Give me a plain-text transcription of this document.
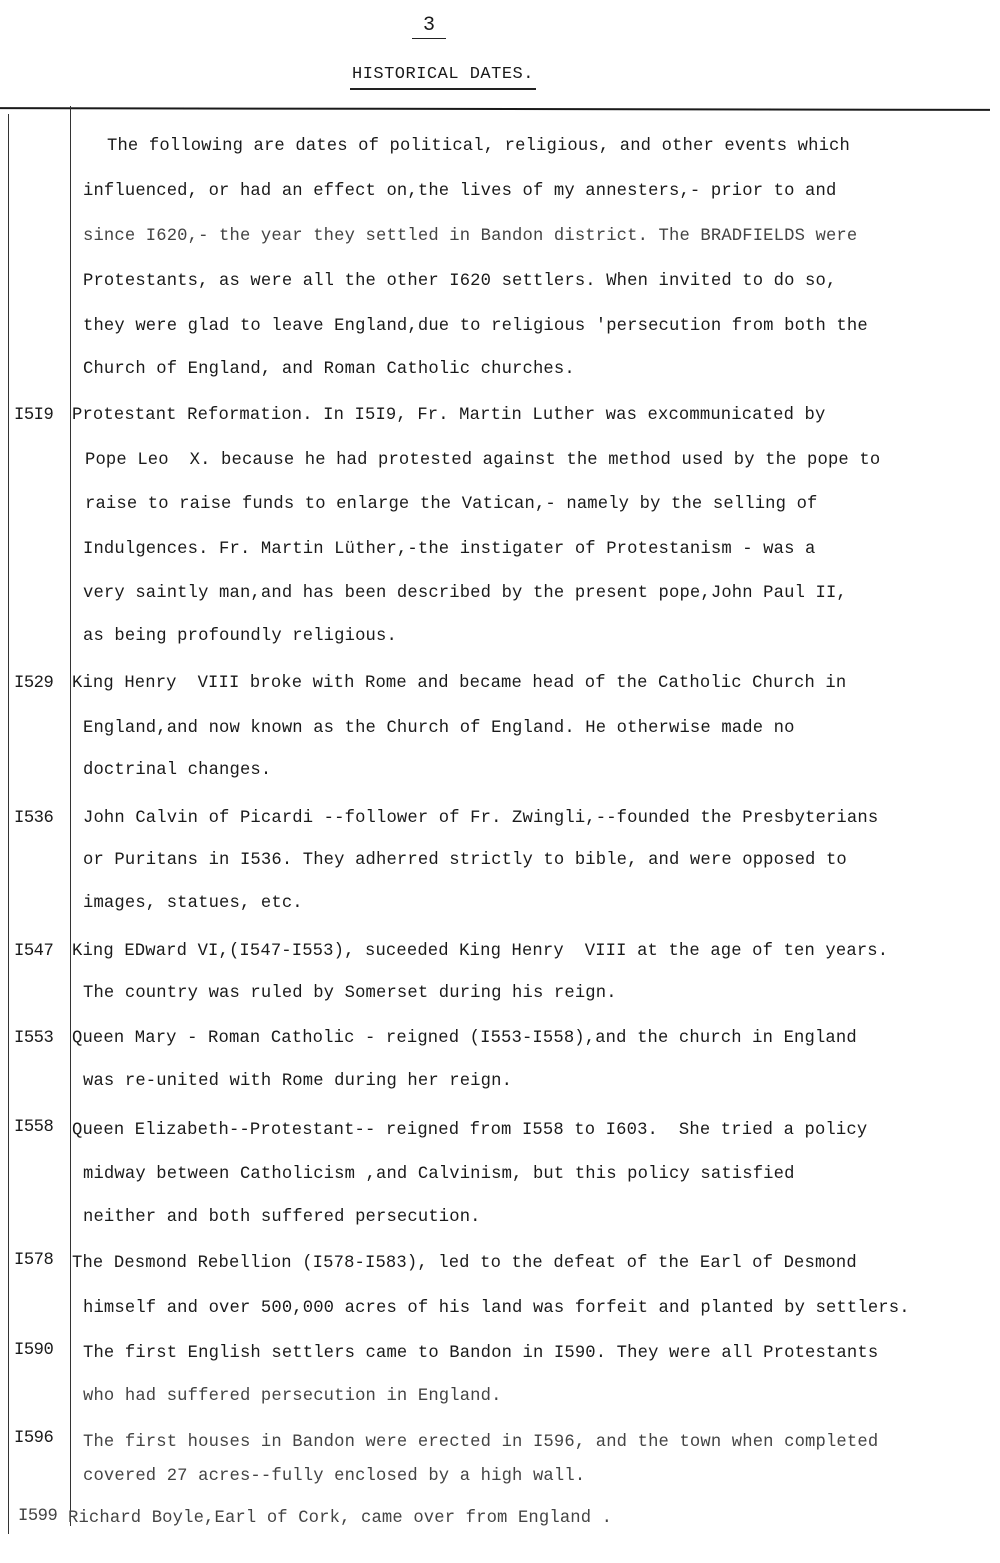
3
HISTORICAL DATES.
The following are dates of political, religious, and other events which
influenced, or had an effect on,the lives of my annesters,- prior to and
since I620,- the year they settled in Bandon district. The BRADFIELDS were
Protestants, as were all the other I620 settlers. When invited to do so,
they were glad to leave England,due to religious 'persecution from both the
Church of England, and Roman Catholic churches.
I5I9 Protestant Reformation. In I5I9, Fr. Martin Luther was excommunicated by
Pope Leo  X. because he had protested against the method used by the pope to
raise to raise funds to enlarge the Vatican,- namely by the selling of
Indulgences. Fr. Martin Lüther,-the instigater of Protestanism - was a
very saintly man,and has been described by the present pope,John Paul II,
as being profoundly religious.
I529 King Henry  VIII broke with Rome and became head of the Catholic Church in
England,and now known as the Church of England. He otherwise made no
doctrinal changes.
I536 John Calvin of Picardi --follower of Fr. Zwingli,--founded the Presbyterians
or Puritans in I536. They adherred strictly to bible, and were opposed to
images, statues, etc.
I547 King EDward VI,(I547-I553), suceeded King Henry  VIII at the age of ten years.
The country was ruled by Somerset during his reign.
I553 Queen Mary - Roman Catholic - reigned (I553-I558),and the church in England
was re-united with Rome during her reign.
I558 Queen Elizabeth--Protestant-- reigned from I558 to I603.  She tried a policy
midway between Catholicism ,and Calvinism, but this policy satisfied
neither and both suffered persecution.
I578 The Desmond Rebellion (I578-I583), led to the defeat of the Earl of Desmond
himself and over 500,000 acres of his land was forfeit and planted by settlers.
I590 The first English settlers came to Bandon in I590. They were all Protestants
who had suffered persecution in England.
I596 The first houses in Bandon were erected in I596, and the town when completed
covered 27 acres--fully enclosed by a high wall.
I599 Richard Boyle,Earl of Cork, came over from England .
